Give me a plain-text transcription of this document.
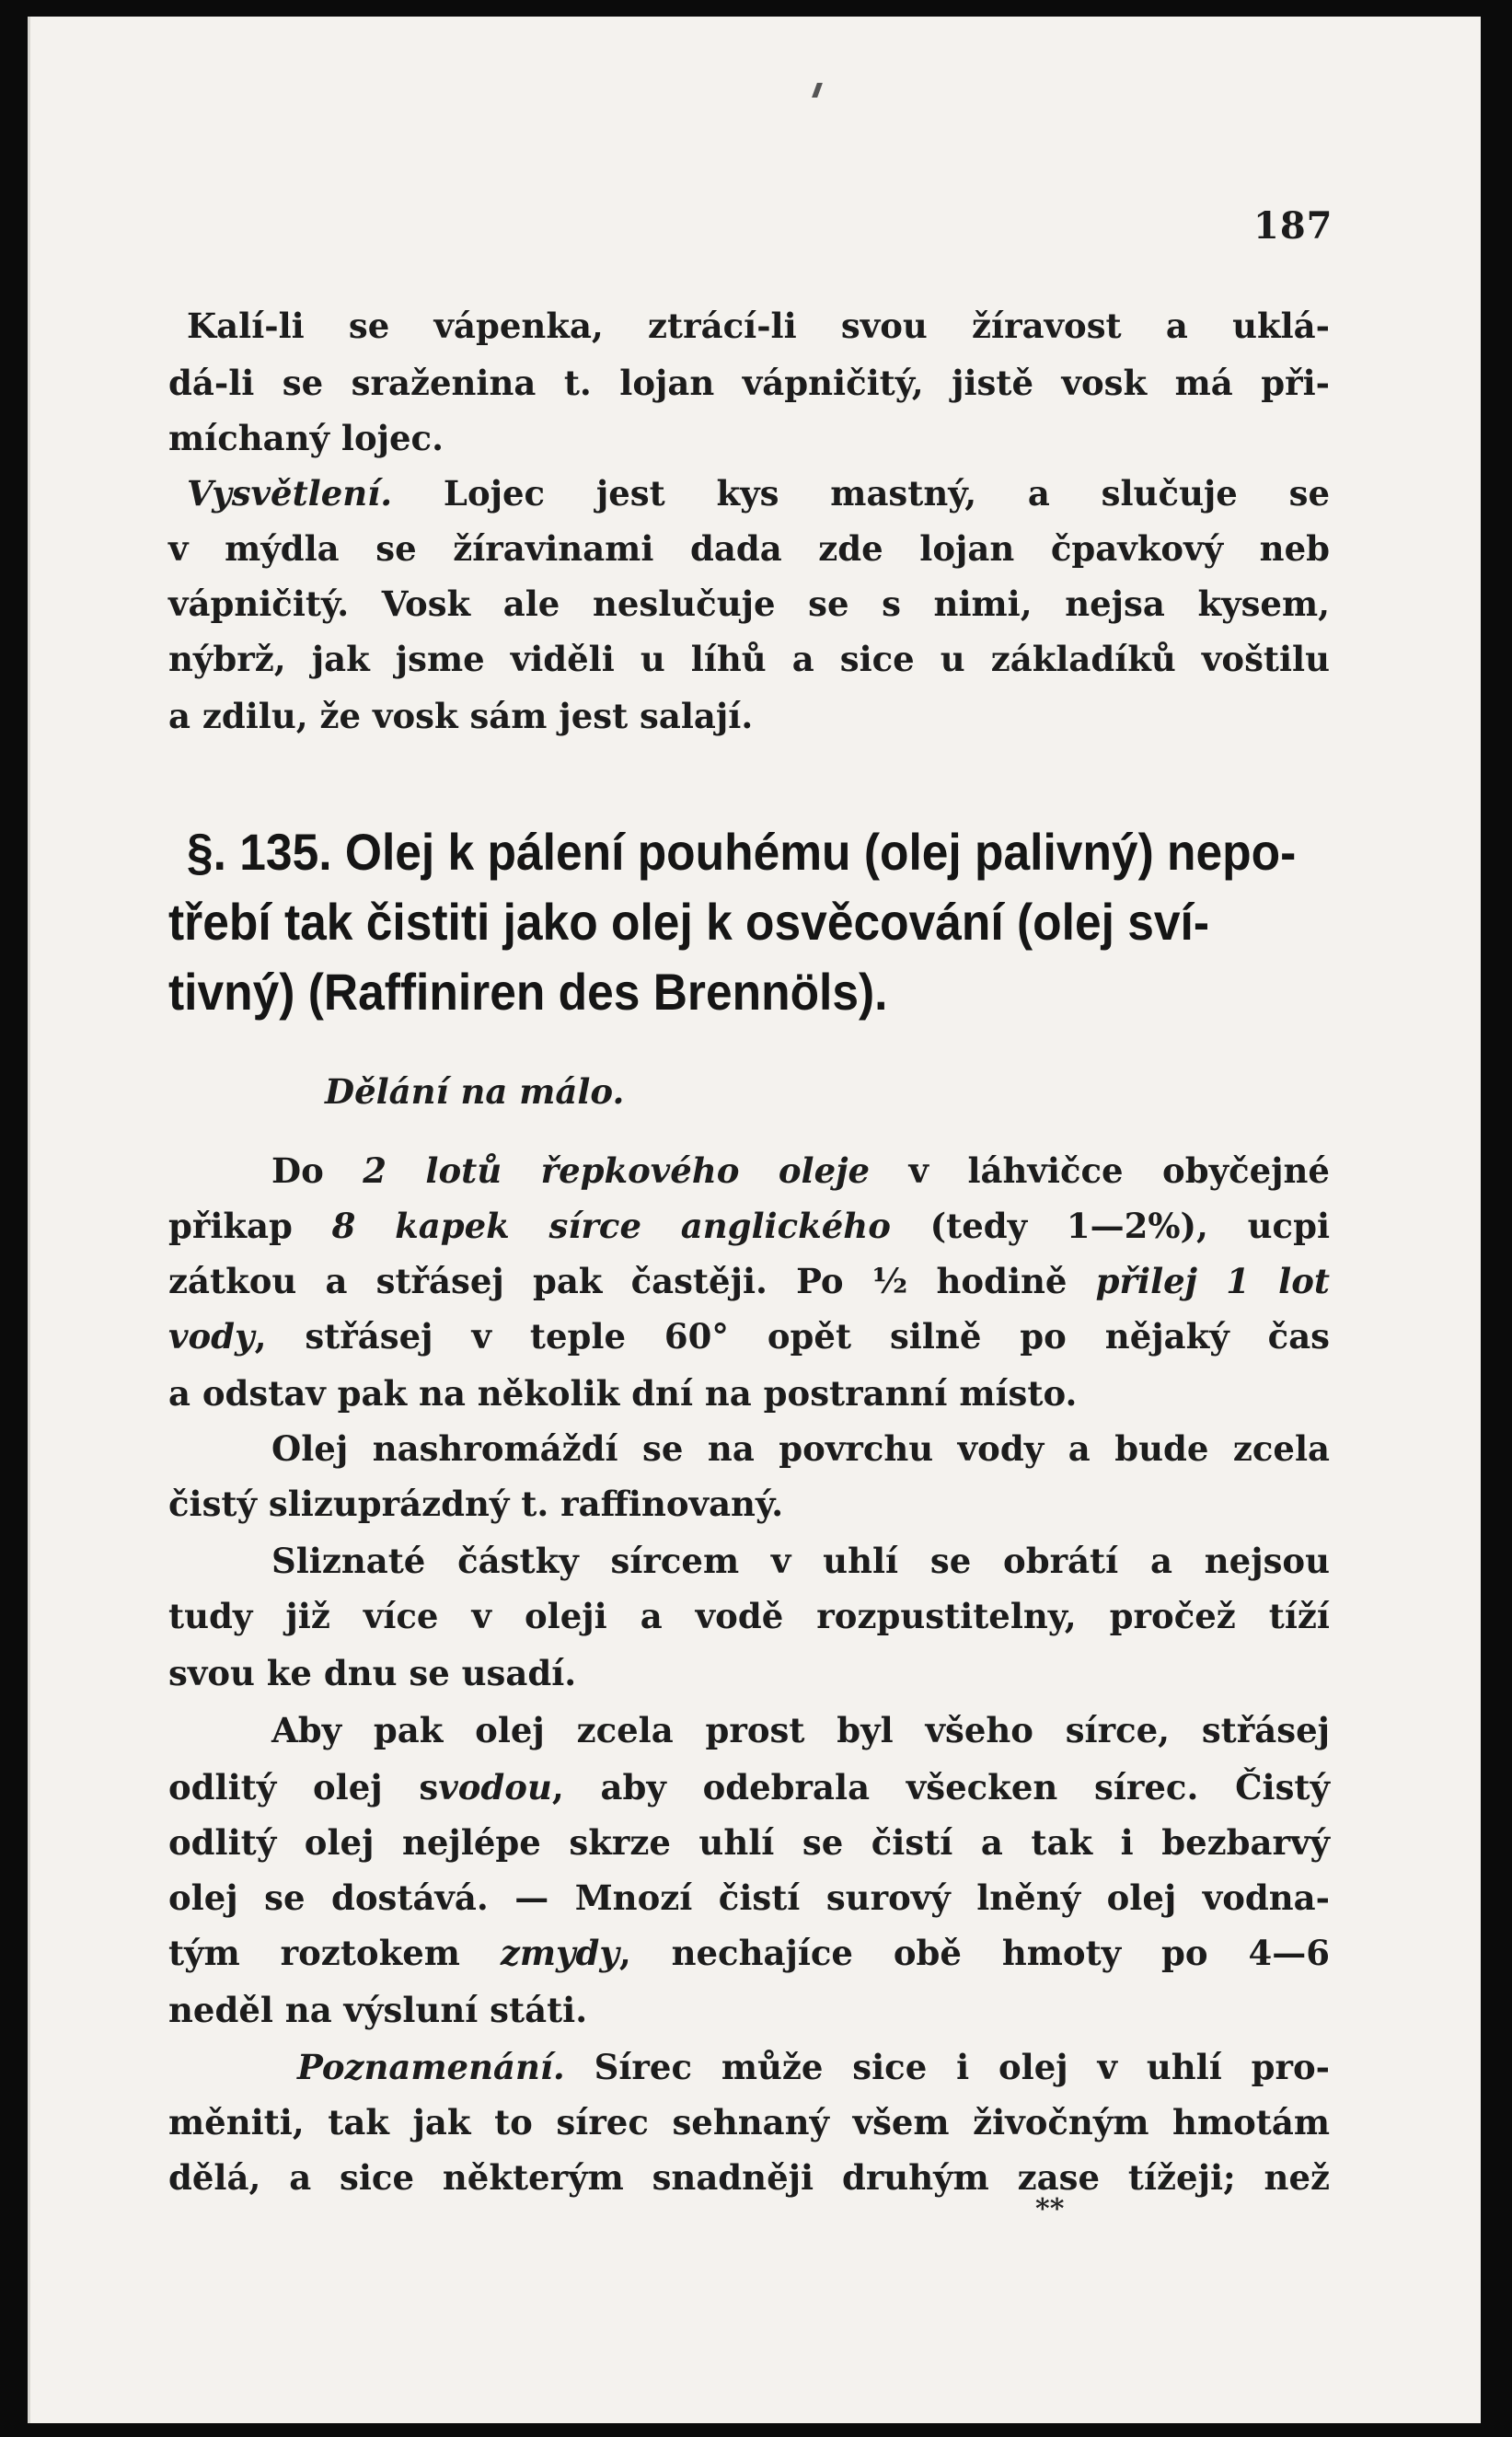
187
Kalí-li se vápenka, ztrácí-li svou žíravost a uklá-
dá-li se sraženina t. lojan vápničitý, jistě vosk má při-
míchaný lojec.
Vysvětlení. Lojec jest kys mastný, a slučuje se
v mýdla se žíravinami dada zde lojan čpavkový neb
vápničitý. Vosk ale neslučuje se s nimi, nejsa kysem,
nýbrž, jak jsme viděli u líhů a sice u základíků voštilu
a zdilu, že vosk sám jest salají.
§. 135. Olej k pálení pouhému (olej palivný) nepo-
třebí tak čistiti jako olej k osvěcování (olej sví-
tivný) (Raffiniren des Brennöls).
Dělání na málo.
Do 2 lotů řepkového oleje v láhvičce obyčejné
přikap 8 kapek sírce anglického (tedy 1—2%), ucpi
zátkou a střásej pak častěji. Po ½ hodině přilej 1 lot
vody, střásej v teple 60° opět silně po nějaký čas
a odstav pak na několik dní na postranní místo.
Olej nashromáždí se na povrchu vody a bude zcela
čistý slizuprázdný t. raffinovaný.
Sliznaté částky sírcem v uhlí se obrátí a nejsou
tudy již více v oleji a vodě rozpustitelny, pročež tíží
svou ke dnu se usadí.
Aby pak olej zcela prost byl všeho sírce, střásej
odlitý olej svodou, aby odebrala všecken sírec. Čistý
odlitý olej nejlépe skrze uhlí se čistí a tak i bezbarvý
olej se dostává. — Mnozí čistí surový lněný olej vodna-
tým roztokem zmydy, nechajíce obě hmoty po 4—6
neděl na výsluní státi.
Poznamenání. Sírec může sice i olej v uhlí pro-
měniti, tak jak to sírec sehnaný všem živočným hmotám
dělá, a sice některým snadněji druhým zase tížeji; než
**
